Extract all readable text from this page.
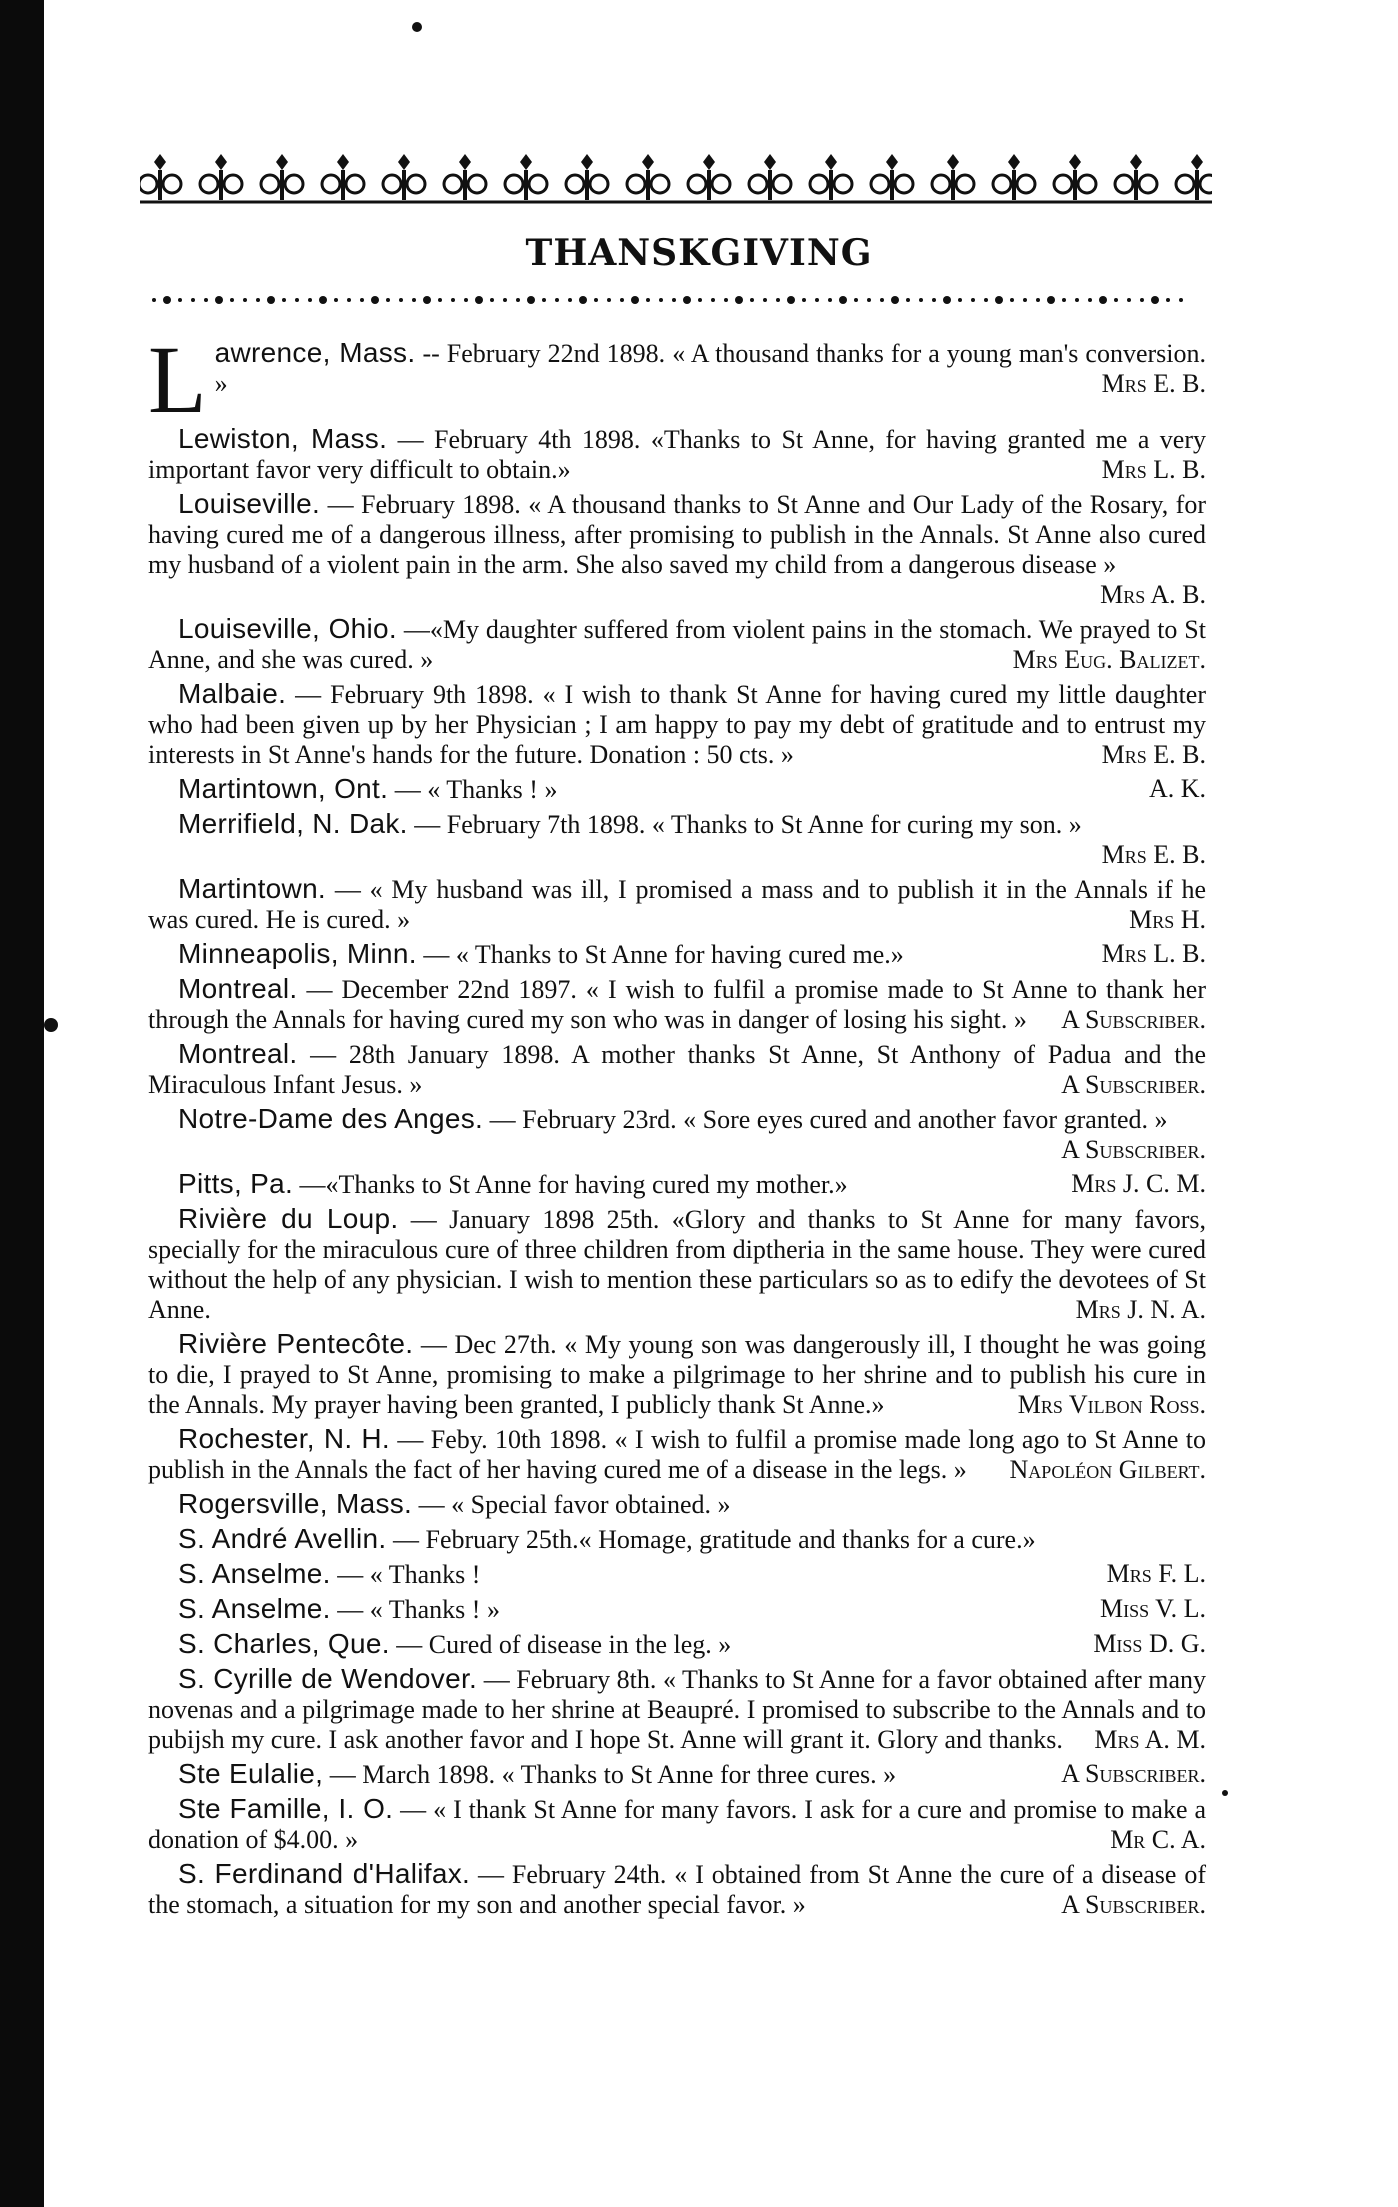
THANSKGIVING

Lawrence, Mass. -- February 22nd 1898. « A thousand thanks for a young man's conversion. »	Mrs E. B.

Lewiston, Mass. — February 4th 1898. «Thanks to St Anne, for having granted me a very important favor very difficult to obtain.»	Mrs L. B.

Louiseville. — February 1898. « A thousand thanks to St Anne and Our Lady of the Rosary, for having cured me of a dangerous illness, after promising to publish in the Annals. St Anne also cured my husband of a violent pain in the arm. She also saved my child from a dangerous disease »
Mrs A. B.

Louiseville, Ohio. —«My daughter suffered from violent pains in the stomach. We prayed to St Anne, and she was cured. »	Mrs Eug. Balizet.

Malbaie. — February 9th 1898. « I wish to thank St Anne for having cured my little daughter who had been given up by her Physician ; I am happy to pay my debt of gratitude and to entrust my interests in St Anne's hands for the future. Donation : 50 cts. »	Mrs E. B.

Martintown, Ont. — « Thanks ! »	A. K.

Merrifield, N. Dak. — February 7th 1898. « Thanks to St Anne for curing my son. »
Mrs E. B.

Martintown. — « My husband was ill, I promised a mass and to publish it in the Annals if he was cured. He is cured. »	Mrs H.

Minneapolis, Minn. — « Thanks to St Anne for having cured me.»	Mrs L. B.

Montreal. — December 22nd 1897. « I wish to fulfil a promise made to St Anne to thank her through the Annals for having cured my son who was in danger of losing his sight. » A Subscriber.

Montreal. — 28th January 1898. A mother thanks St Anne, St Anthony of Padua and the Miraculous Infant Jesus. »	A Subscriber.

Notre-Dame des Anges. — February 23rd. « Sore eyes cured and another favor granted. »
A Subscriber.

Pitts, Pa. —«Thanks to St Anne for having cured my mother.»	Mrs J. C. M.

Rivière du Loup. — January 1898 25th. «Glory and thanks to St Anne for many favors, specially for the miraculous cure of three children from diptheria in the same house. They were cured without the help of any physician. I wish to mention these particulars so as to edify the devotees of St Anne.	Mrs J. N. A.

Rivière Pentecôte. — Dec 27th. « My young son was dangerously ill, I thought he was going to die, I prayed to St Anne, promising to make a pilgrimage to her shrine and to publish his cure in the Annals. My prayer having been granted, I publicly thank St Anne.»	Mrs Vilbon Ross.

Rochester, N. H. — Feby. 10th 1898. « I wish to fulfil a promise made long ago to St Anne to publish in the Annals the fact of her having cured me of a disease in the legs. » Napoléon Gilbert.

Rogersville, Mass. — « Special favor obtained. »

S. André Avellin. — February 25th.« Homage, gratitude and thanks for a cure.»

S. Anselme. — « Thanks !	Mrs F. L.

S. Anselme. — « Thanks ! »	Miss V. L.

S. Charles, Que. — Cured of disease in the leg. »	Miss D. G.

S. Cyrille de Wendover. — February 8th. « Thanks to St Anne for a favor obtained after many novenas and a pilgrimage made to her shrine at Beaupré. I promised to subscribe to the Annals and to pubijsh my cure. I ask another favor and I hope St. Anne will grant it. Glory and thanks. Mrs A. M.

Ste Eulalie, — March 1898. « Thanks to St Anne for three cures. »	A Subscriber.

Ste Famille, I. O. — « I thank St Anne for many favors. I ask for a cure and promise to make a donation of $4.00. »	Mr C. A.

S. Ferdinand d'Halifax. — February 24th. « I obtained from St Anne the cure of a disease of the stomach, a situation for my son and another special favor. »	A Subscriber.
